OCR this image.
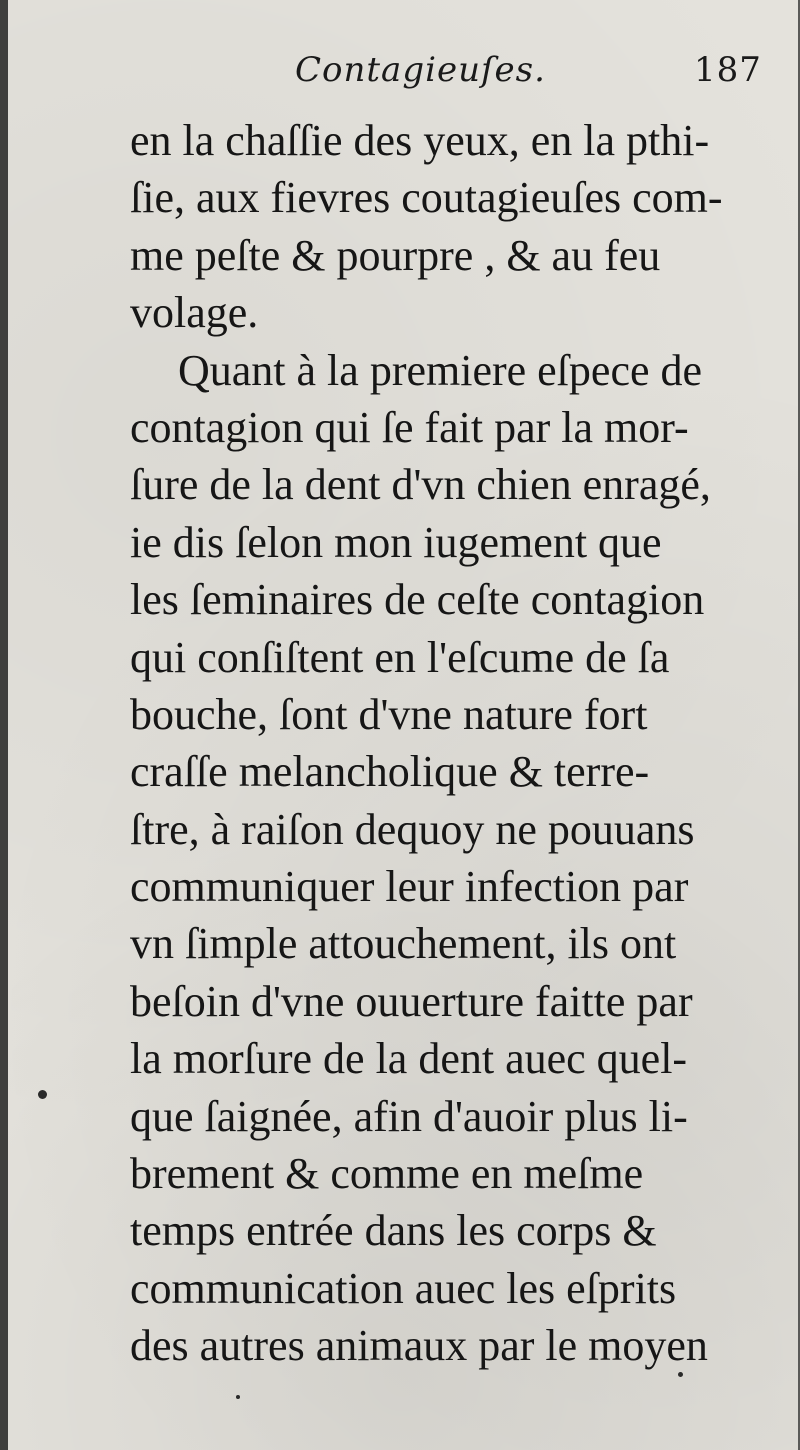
Contagieuſes.	187
en la chaſſie des yeux, en la pthi-
ſie, aux fievres coutagieuſes com-
me peſte & pourpre , & au feu
volage.
Quant à la premiere eſpece de
contagion qui ſe fait par la mor-
ſure de la dent d'vn chien enragé,
ie dis ſelon mon iugement que
les ſeminaires de ceſte contagion
qui conſiſtent en l'eſcume de ſa
bouche, ſont d'vne nature fort
craſſe melancholique & terre-
ſtre, à raiſon dequoy ne pouuans
communiquer leur infection par
vn ſimple attouchement, ils ont
beſoin d'vne ouuerture faitte par
la morſure de la dent auec quel-
que ſaignée, afin d'auoir plus li-
brement & comme en meſme
temps entrée dans les corps &
communication auec les eſprits
des autres animaux par le moyen
